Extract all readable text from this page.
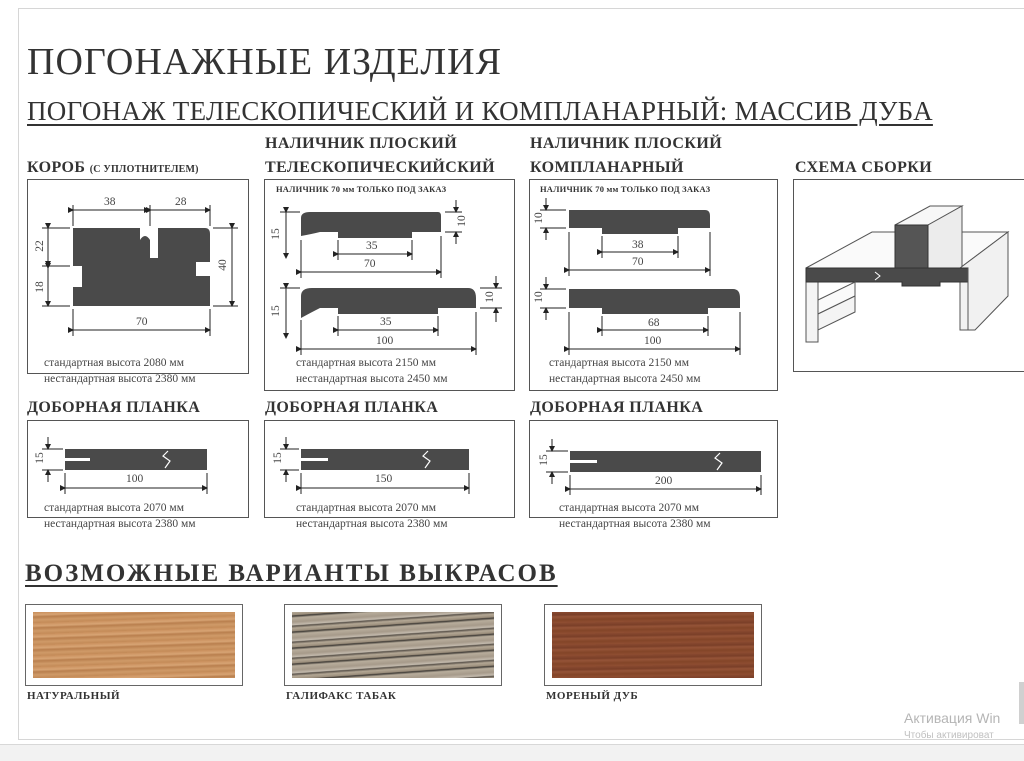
ПОГОНАЖНЫЕ ИЗДЕЛИЯ
ПОГОНАЖ ТЕЛЕСКОПИЧЕСКИЙ И КОМПЛАНАРНЫЙ: МАССИВ ДУБА
КОРОБ (С УПЛОТНИТЕЛЕМ)
НАЛИЧНИК ПЛОСКИЙ
ТЕЛЕСКОПИЧЕСКИЙСКИЙ
НАЛИЧНИК ПЛОСКИЙ
КОМПЛАНАРНЫЙ	СХЕМА СБОРКИ
НАЛИЧНИК 70 мм ТОЛЬКО ПОД ЗАКАЗ	НАЛИЧНИК 70 мм ТОЛЬКО ПОД ЗАКАЗ
ДОБОРНАЯ ПЛАНКА	ДОБОРНАЯ ПЛАНКА	ДОБОРНАЯ ПЛАНКА
38	28
22
18
40
70
15
10
35
70
15
10
35
100
стандартная высота 2150 мм
нестандартная высота 2450 мм
10
38
70
10
68
100
стандартная высота 2150 мм
нестандартная высота 2450 мм
стандартная высота 2080 мм
нестандартная высота 2380 мм
15
100
стандартная высота 2070 мм
нестандартная высота 2380 мм
15
150
стандартная высота 2070 мм
нестандартная высота 2380 мм
15
200
стандартная высота 2070 мм
нестандартная высота 2380 мм
ВОЗМОЖНЫЕ ВАРИАНТЫ ВЫКРАСОВ
НАТУРАЛЬНЫЙ	ГАЛИФАКС ТАБАК	МОРЕНЫЙ ДУБ
Активация Win
Чтобы активироват
